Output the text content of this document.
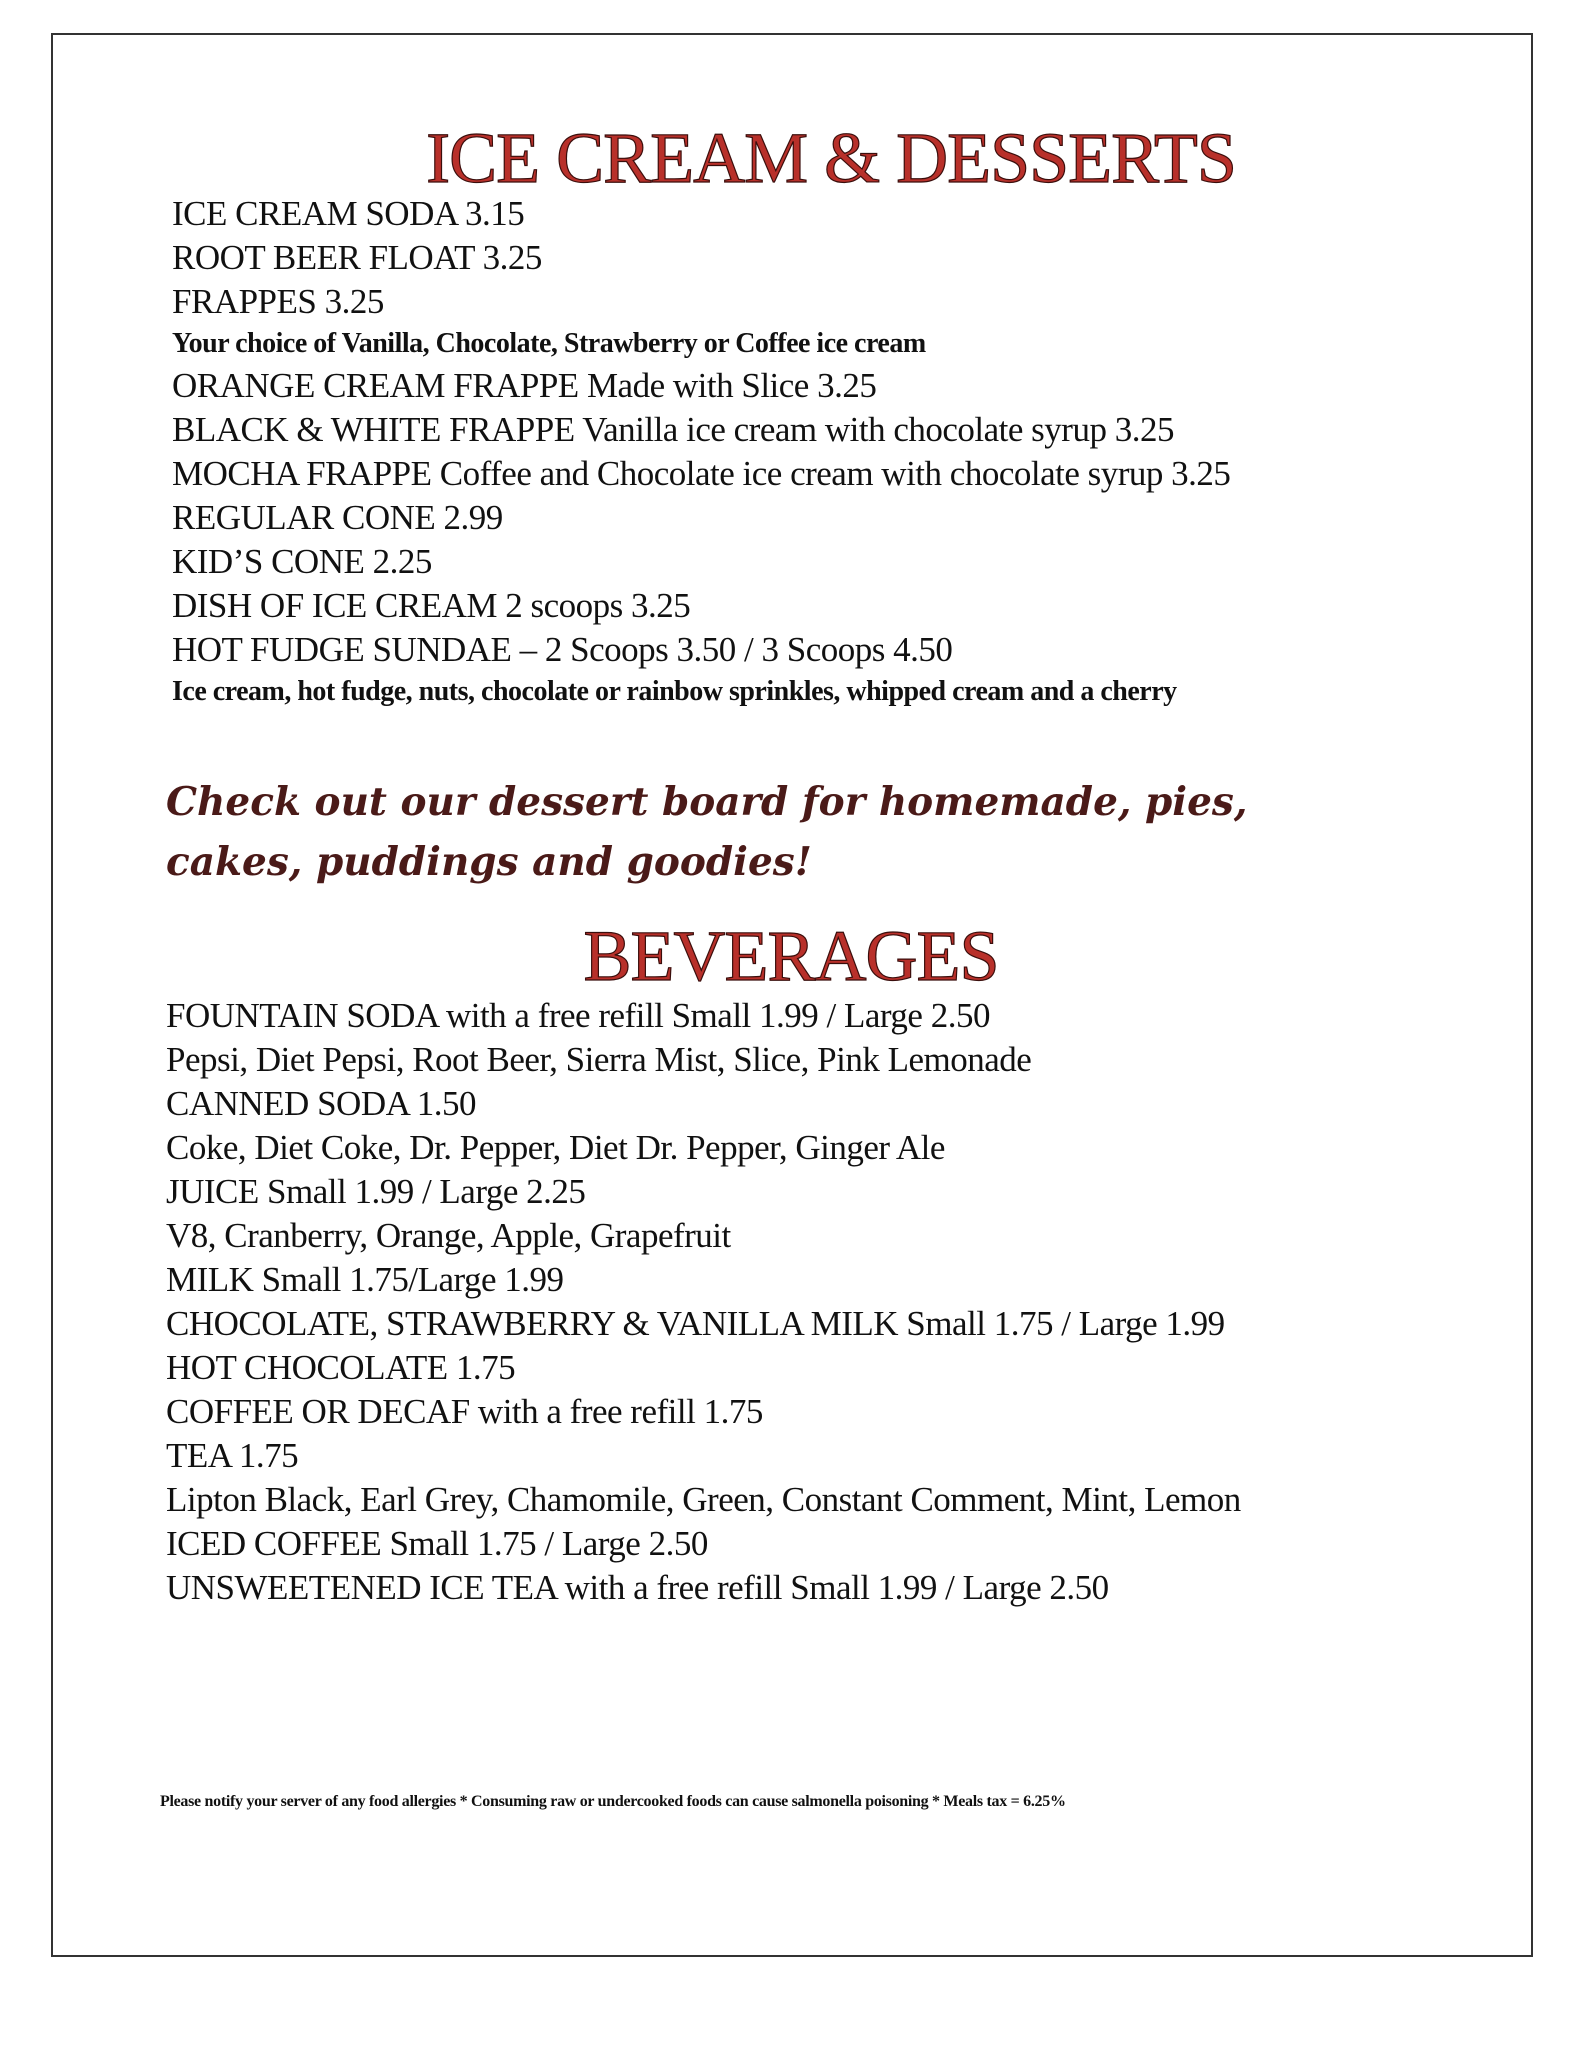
ICE CREAM & DESSERTS
ICE CREAM SODA 3.15
ROOT BEER FLOAT 3.25
FRAPPES 3.25
Your choice of Vanilla, Chocolate, Strawberry or Coffee ice cream
ORANGE CREAM FRAPPE Made with Slice 3.25
BLACK & WHITE FRAPPE Vanilla ice cream with chocolate syrup 3.25
MOCHA FRAPPE Coffee and Chocolate ice cream with chocolate syrup 3.25
REGULAR CONE 2.99
KID’S CONE 2.25
DISH OF ICE CREAM 2 scoops 3.25
HOT FUDGE SUNDAE – 2 Scoops 3.50 / 3 Scoops 4.50
Ice cream, hot fudge, nuts, chocolate or rainbow sprinkles, whipped cream and a cherry

Check out our dessert board for homemade, pies, cakes, puddings and goodies!

BEVERAGES
FOUNTAIN SODA with a free refill Small 1.99 / Large 2.50
Pepsi, Diet Pepsi, Root Beer, Sierra Mist, Slice, Pink Lemonade
CANNED SODA 1.50
Coke, Diet Coke, Dr. Pepper, Diet Dr. Pepper, Ginger Ale
JUICE Small 1.99 / Large 2.25
V8, Cranberry, Orange, Apple, Grapefruit
MILK Small 1.75/Large 1.99
CHOCOLATE, STRAWBERRY & VANILLA MILK Small 1.75 / Large 1.99
HOT CHOCOLATE 1.75
COFFEE OR DECAF with a free refill 1.75
TEA 1.75
Lipton Black, Earl Grey, Chamomile, Green, Constant Comment, Mint, Lemon
ICED COFFEE Small 1.75 / Large 2.50
UNSWEETENED ICE TEA with a free refill Small 1.99 / Large 2.50
Please notify your server of any food allergies * Consuming raw or undercooked foods can cause salmonella poisoning * Meals tax = 6.25%
